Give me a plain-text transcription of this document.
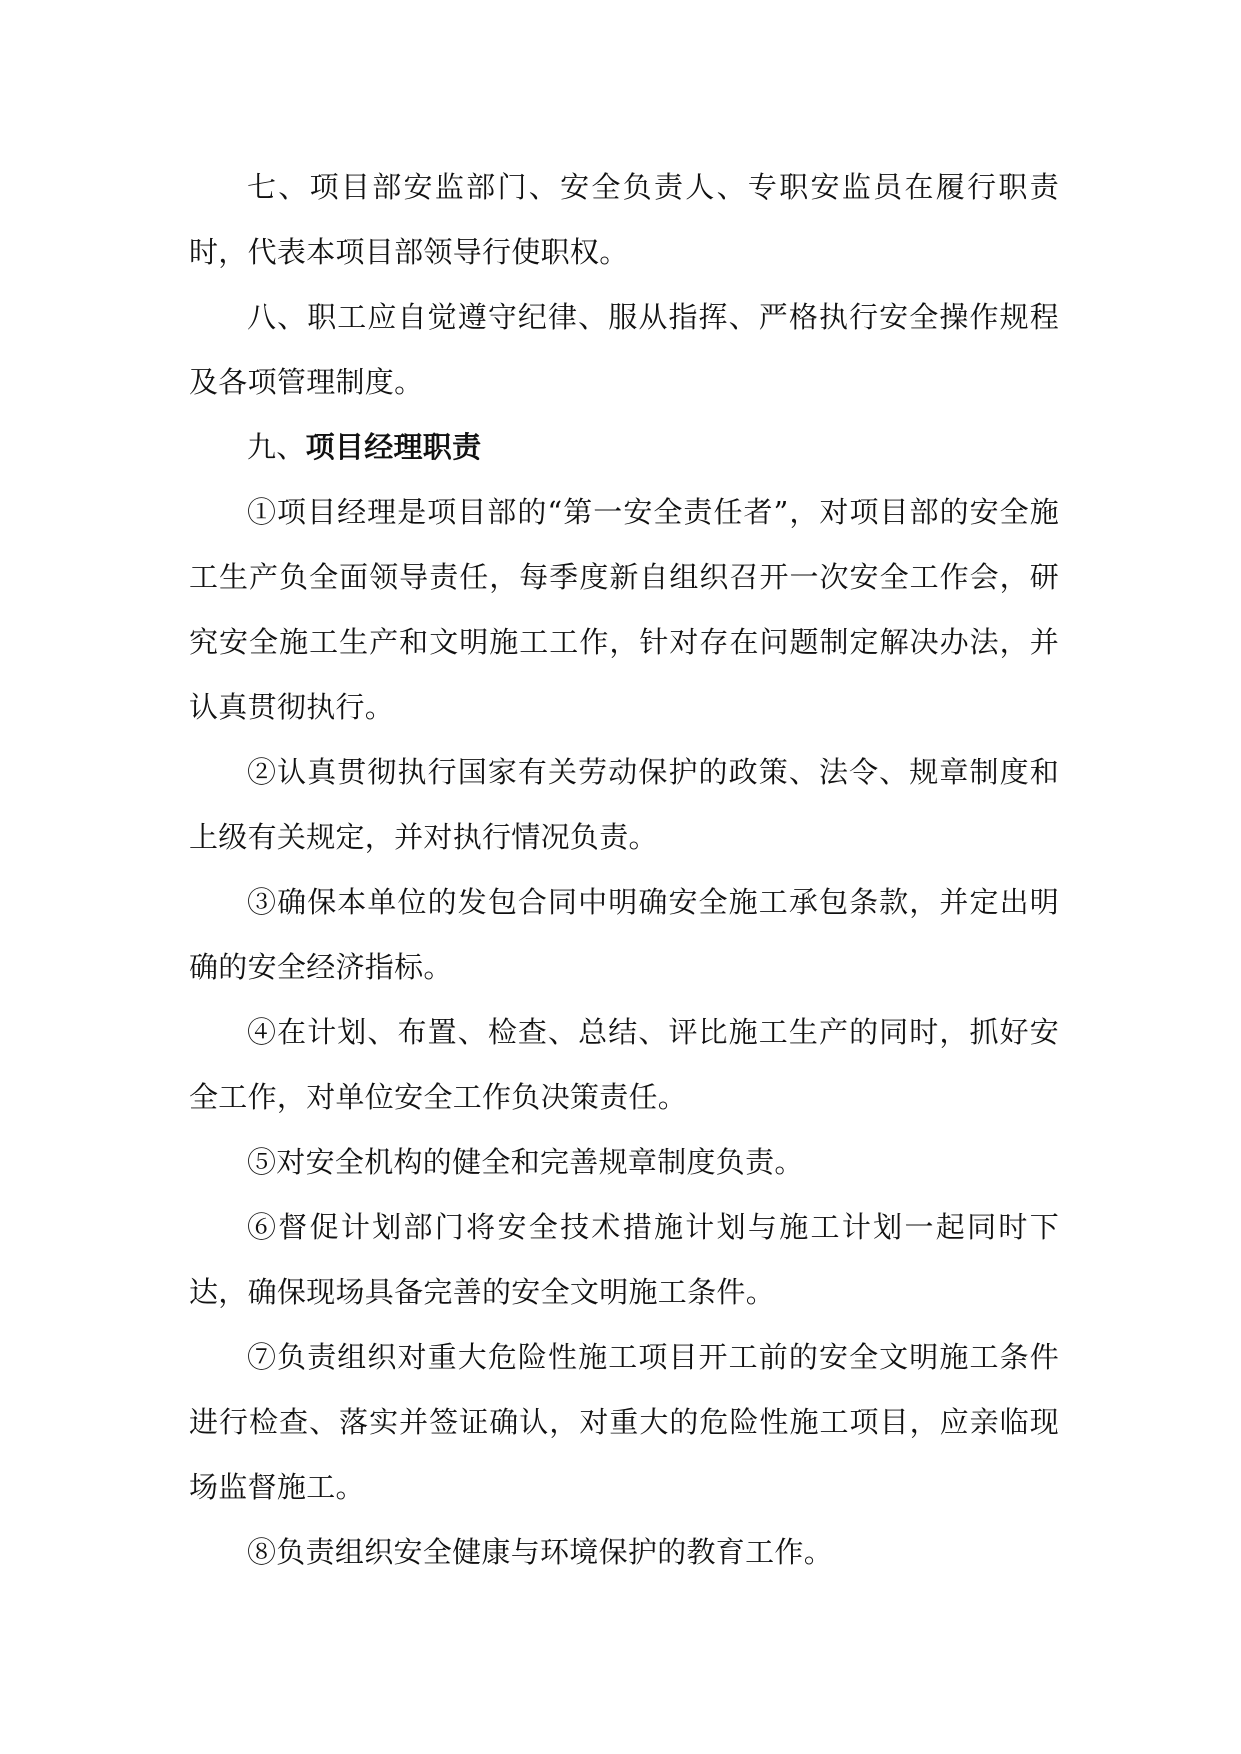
七、项目部安监部门、安全负责人、专职安监员在履行职责时，代表本项目部领导行使职权。

八、职工应自觉遵守纪律、服从指挥、严格执行安全操作规程及各项管理制度。

九、项目经理职责

①项目经理是项目部的“第一安全责任者”，对项目部的安全施工生产负全面领导责任，每季度新自组织召开一次安全工作会，研究安全施工生产和文明施工工作，针对存在问题制定解决办法，并认真贯彻执行。

②认真贯彻执行国家有关劳动保护的政策、法令、规章制度和上级有关规定，并对执行情况负责。

③确保本单位的发包合同中明确安全施工承包条款，并定出明确的安全经济指标。

④在计划、布置、检查、总结、评比施工生产的同时，抓好安全工作，对单位安全工作负决策责任。

⑤对安全机构的健全和完善规章制度负责。

⑥督促计划部门将安全技术措施计划与施工计划一起同时下达，确保现场具备完善的安全文明施工条件。

⑦负责组织对重大危险性施工项目开工前的安全文明施工条件进行检查、落实并签证确认，对重大的危险性施工项目，应亲临现场监督施工。

⑧负责组织安全健康与环境保护的教育工作。
